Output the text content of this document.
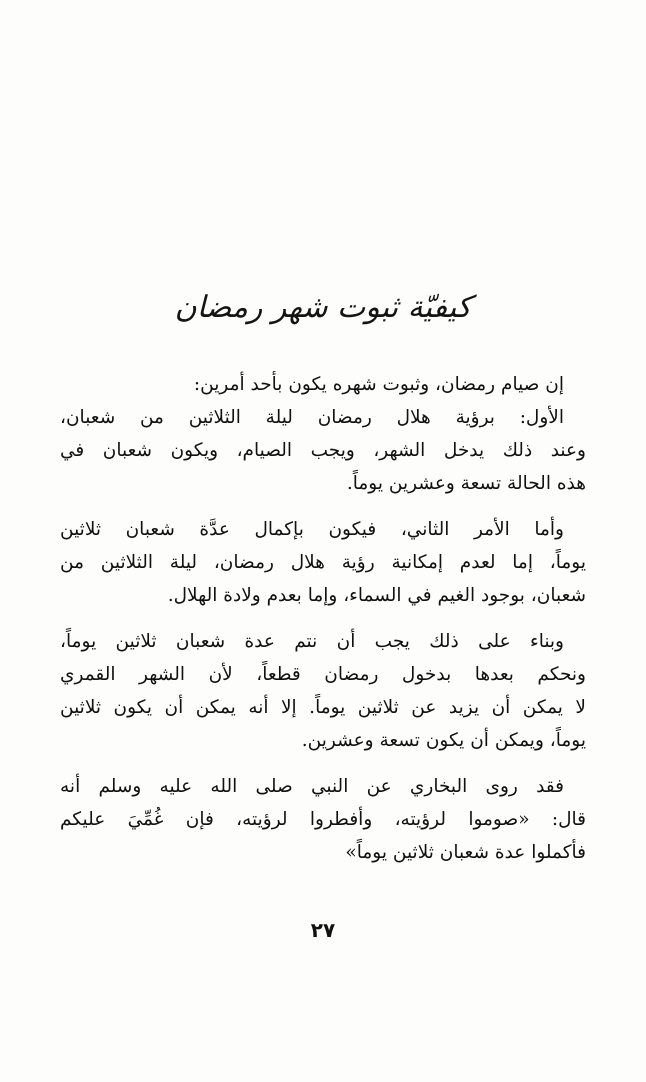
كيفيّة ثبوت شهر رمضان

إن صيام رمضان، وثبوت شهره يكون بأحد أمرين:

الأول: برؤية هلال رمضان ليلة الثلاثين من شعبان،
وعند ذلك يدخل الشهر، ويجب الصيام، ويكون شعبان في
هذه الحالة تسعة وعشرين يوماً.

وأما الأمر الثاني، فيكون بإكمال عدَّة شعبان ثلاثين
يوماً، إما لعدم إمكانية رؤية هلال رمضان، ليلة الثلاثين من
شعبان، بوجود الغيم في السماء، وإما بعدم ولادة الهلال.

وبناء على ذلك يجب أن نتم عدة شعبان ثلاثين يوماً،
ونحكم بعدها بدخول رمضان قطعاً، لأن الشهر القمري
لا يمكن أن يزيد عن ثلاثين يوماً. إلا أنه يمكن أن يكون ثلاثين
يوماً، ويمكن أن يكون تسعة وعشرين.

فقد روى البخاري عن النبي صلى الله عليه وسلم أنه
قال: «صوموا لرؤيته، وأفطروا لرؤيته، فإن غُمِّيَ عليكم
فأكملوا عدة شعبان ثلاثين يوماً»

٢٧
